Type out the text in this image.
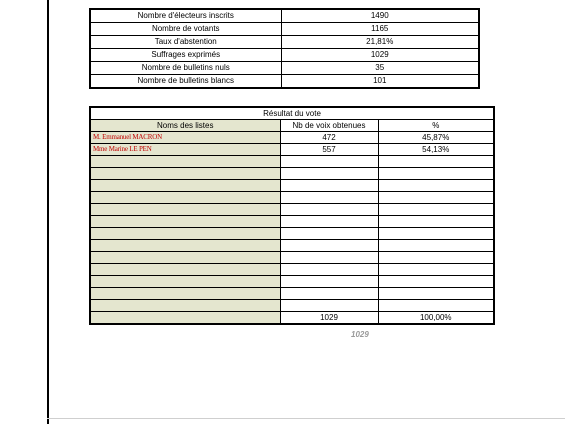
Nombre d'électeurs inscrits	1490
Nombre de votants	1165
Taux d'abstention	21,81%
Suffrages exprimés	1029
Nombre de bulletins nuls	35
Nombre de bulletins blancs	101
Résultat du vote		
Noms des listes	Nb de voix obtenues	%
M. Emmanuel MACRON	472	45,87%
Mme Marine LE PEN	557	54,13%

	1029	100,00%
1029
